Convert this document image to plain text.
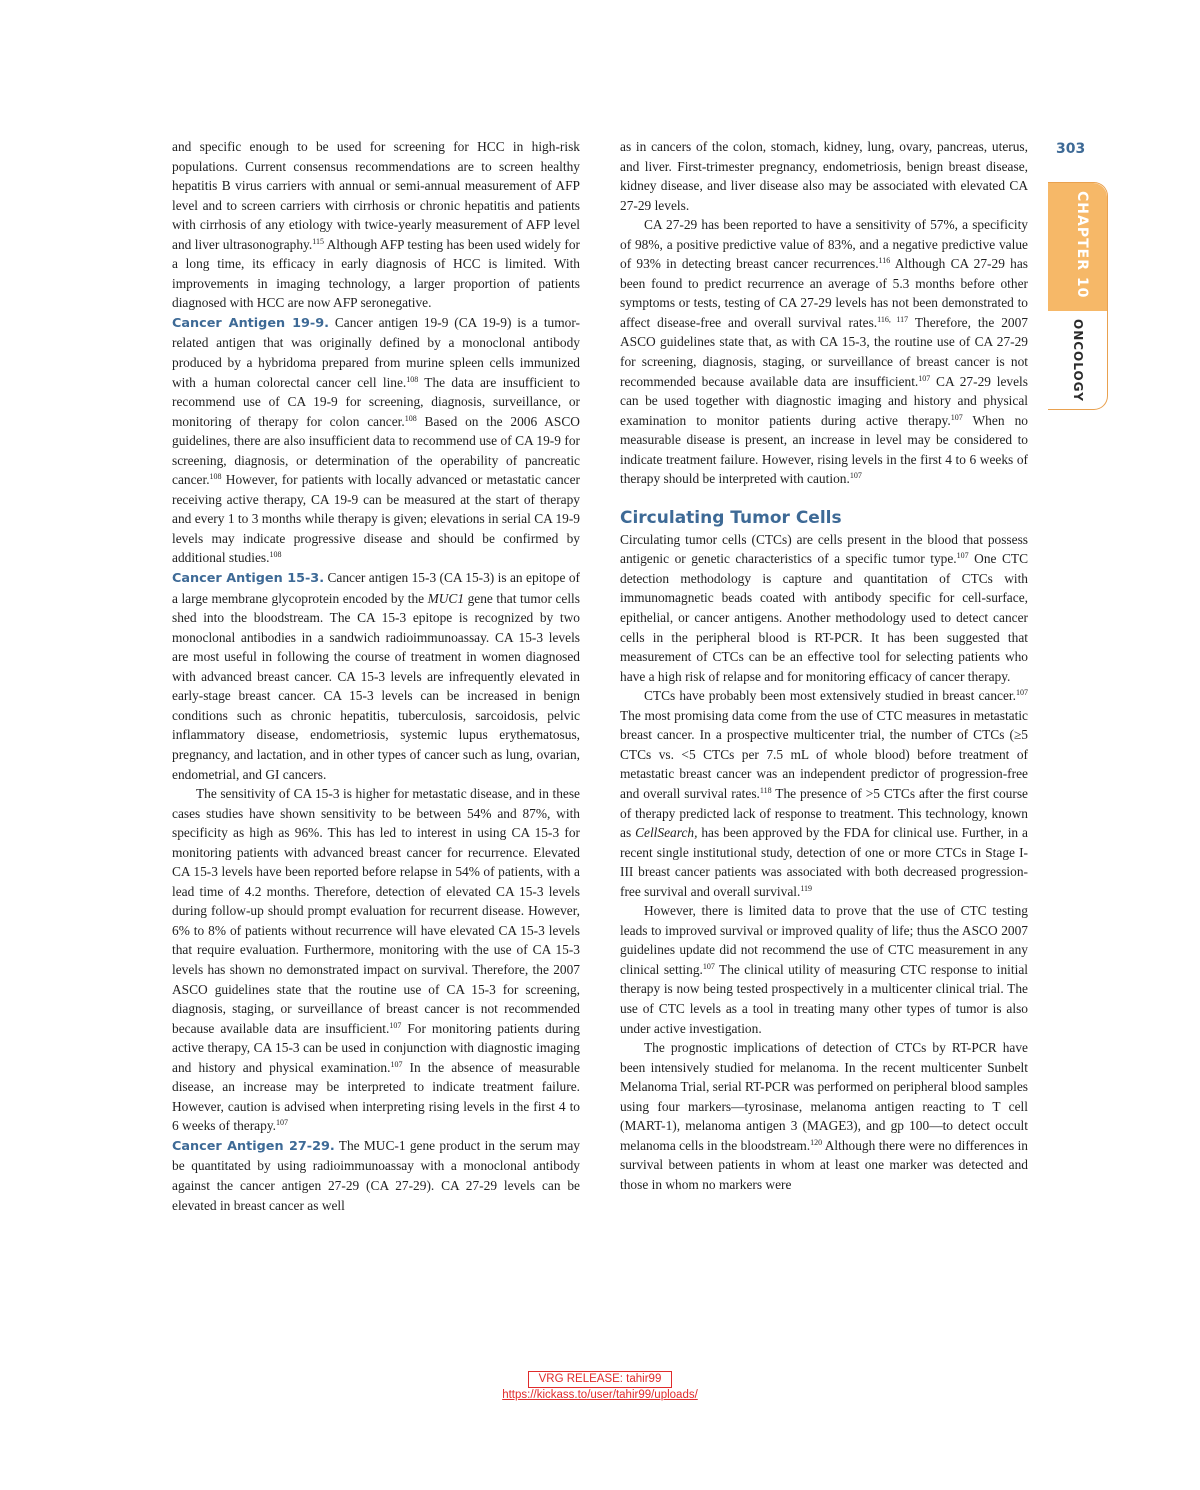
303
CHAPTER 10
ONCOLOGY

and specific enough to be used for screening for HCC in high-risk populations. Current consensus recommendations are to screen healthy hepatitis B virus carriers with annual or semi-annual measurement of AFP level and to screen carriers with cirrhosis or chronic hepatitis and patients with cirrhosis of any etiology with twice-yearly measurement of AFP level and liver ultrasonography.$^{115}$ Although AFP testing has been used widely for a long time, its efficacy in early diagnosis of HCC is limited. With improvements in imaging technology, a larger proportion of patients diagnosed with HCC are now AFP seronegative.

Cancer Antigen 19-9. Cancer antigen 19-9 (CA 19-9) is a tumor-related antigen that was originally defined by a monoclonal antibody produced by a hybridoma prepared from murine spleen cells immunized with a human colorectal cancer cell line.$^{108}$ The data are insufficient to recommend use of CA 19-9 for screening, diagnosis, surveillance, or monitoring of therapy for colon cancer.$^{108}$ Based on the 2006 ASCO guidelines, there are also insufficient data to recommend use of CA 19-9 for screening, diagnosis, or determination of the operability of pancreatic cancer.$^{108}$ However, for patients with locally advanced or metastatic cancer receiving active therapy, CA 19-9 can be measured at the start of therapy and every 1 to 3 months while therapy is given; elevations in serial CA 19-9 levels may indicate progressive disease and should be confirmed by additional studies.$^{108}$

Cancer Antigen 15-3. Cancer antigen 15-3 (CA 15-3) is an epitope of a large membrane glycoprotein encoded by the MUC1 gene that tumor cells shed into the bloodstream. The CA 15-3 epitope is recognized by two monoclonal antibodies in a sandwich radioimmunoassay. CA 15-3 levels are most useful in following the course of treatment in women diagnosed with advanced breast cancer. CA 15-3 levels are infrequently elevated in early-stage breast cancer. CA 15-3 levels can be increased in benign conditions such as chronic hepatitis, tuberculosis, sarcoidosis, pelvic inflammatory disease, endometriosis, systemic lupus erythematosus, pregnancy, and lactation, and in other types of cancer such as lung, ovarian, endometrial, and GI cancers.

The sensitivity of CA 15-3 is higher for metastatic disease, and in these cases studies have shown sensitivity to be between 54% and 87%, with specificity as high as 96%. This has led to interest in using CA 15-3 for monitoring patients with advanced breast cancer for recurrence. Elevated CA 15-3 levels have been reported before relapse in 54% of patients, with a lead time of 4.2 months. Therefore, detection of elevated CA 15-3 levels during follow-up should prompt evaluation for recurrent disease. However, 6% to 8% of patients without recurrence will have elevated CA 15-3 levels that require evaluation. Furthermore, monitoring with the use of CA 15-3 levels has shown no demonstrated impact on survival. Therefore, the 2007 ASCO guidelines state that the routine use of CA 15-3 for screening, diagnosis, staging, or surveillance of breast cancer is not recommended because available data are insufficient.$^{107}$ For monitoring patients during active therapy, CA 15-3 can be used in conjunction with diagnostic imaging and history and physical examination.$^{107}$ In the absence of measurable disease, an increase may be interpreted to indicate treatment failure. However, caution is advised when interpreting rising levels in the first 4 to 6 weeks of therapy.$^{107}$

Cancer Antigen 27-29. The MUC-1 gene product in the serum may be quantitated by using radioimmunoassay with a monoclonal antibody against the cancer antigen 27-29 (CA 27-29). CA 27-29 levels can be elevated in breast cancer as well

as in cancers of the colon, stomach, kidney, lung, ovary, pancreas, uterus, and liver. First-trimester pregnancy, endometriosis, benign breast disease, kidney disease, and liver disease also may be associated with elevated CA 27-29 levels.

CA 27-29 has been reported to have a sensitivity of 57%, a specificity of 98%, a positive predictive value of 83%, and a negative predictive value of 93% in detecting breast cancer recurrences.$^{116}$ Although CA 27-29 has been found to predict recurrence an average of 5.3 months before other symptoms or tests, testing of CA 27-29 levels has not been demonstrated to affect disease-free and overall survival rates.$^{116, 117}$ Therefore, the 2007 ASCO guidelines state that, as with CA 15-3, the routine use of CA 27-29 for screening, diagnosis, staging, or surveillance of breast cancer is not recommended because available data are insufficient.$^{107}$ CA 27-29 levels can be used together with diagnostic imaging and history and physical examination to monitor patients during active therapy.$^{107}$ When no measurable disease is present, an increase in level may be considered to indicate treatment failure. However, rising levels in the first 4 to 6 weeks of therapy should be interpreted with caution.$^{107}$

Circulating Tumor Cells

Circulating tumor cells (CTCs) are cells present in the blood that possess antigenic or genetic characteristics of a specific tumor type.$^{107}$ One CTC detection methodology is capture and quantitation of CTCs with immunomagnetic beads coated with antibody specific for cell-surface, epithelial, or cancer antigens. Another methodology used to detect cancer cells in the peripheral blood is RT-PCR. It has been suggested that measurement of CTCs can be an effective tool for selecting patients who have a high risk of relapse and for monitoring efficacy of cancer therapy.

CTCs have probably been most extensively studied in breast cancer.$^{107}$ The most promising data come from the use of CTC measures in metastatic breast cancer. In a prospective multicenter trial, the number of CTCs (≥5 CTCs vs. <5 CTCs per 7.5 mL of whole blood) before treatment of metastatic breast cancer was an independent predictor of progression-free and overall survival rates.$^{118}$ The presence of >5 CTCs after the first course of therapy predicted lack of response to treatment. This technology, known as CellSearch, has been approved by the FDA for clinical use. Further, in a recent single institutional study, detection of one or more CTCs in Stage I-III breast cancer patients was associated with both decreased progression-free survival and overall survival.$^{119}$

However, there is limited data to prove that the use of CTC testing leads to improved survival or improved quality of life; thus the ASCO 2007 guidelines update did not recommend the use of CTC measurement in any clinical setting.$^{107}$ The clinical utility of measuring CTC response to initial therapy is now being tested prospectively in a multicenter clinical trial. The use of CTC levels as a tool in treating many other types of tumor is also under active investigation.

The prognostic implications of detection of CTCs by RT-PCR have been intensively studied for melanoma. In the recent multicenter Sunbelt Melanoma Trial, serial RT-PCR was performed on peripheral blood samples using four markers—tyrosinase, melanoma antigen reacting to T cell (MART-1), melanoma antigen 3 (MAGE3), and gp 100—to detect occult melanoma cells in the bloodstream.$^{120}$ Although there were no differences in survival between patients in whom at least one marker was detected and those in whom no markers were

VRG RELEASE: tahir99
https://kickass.to/user/tahir99/uploads/
